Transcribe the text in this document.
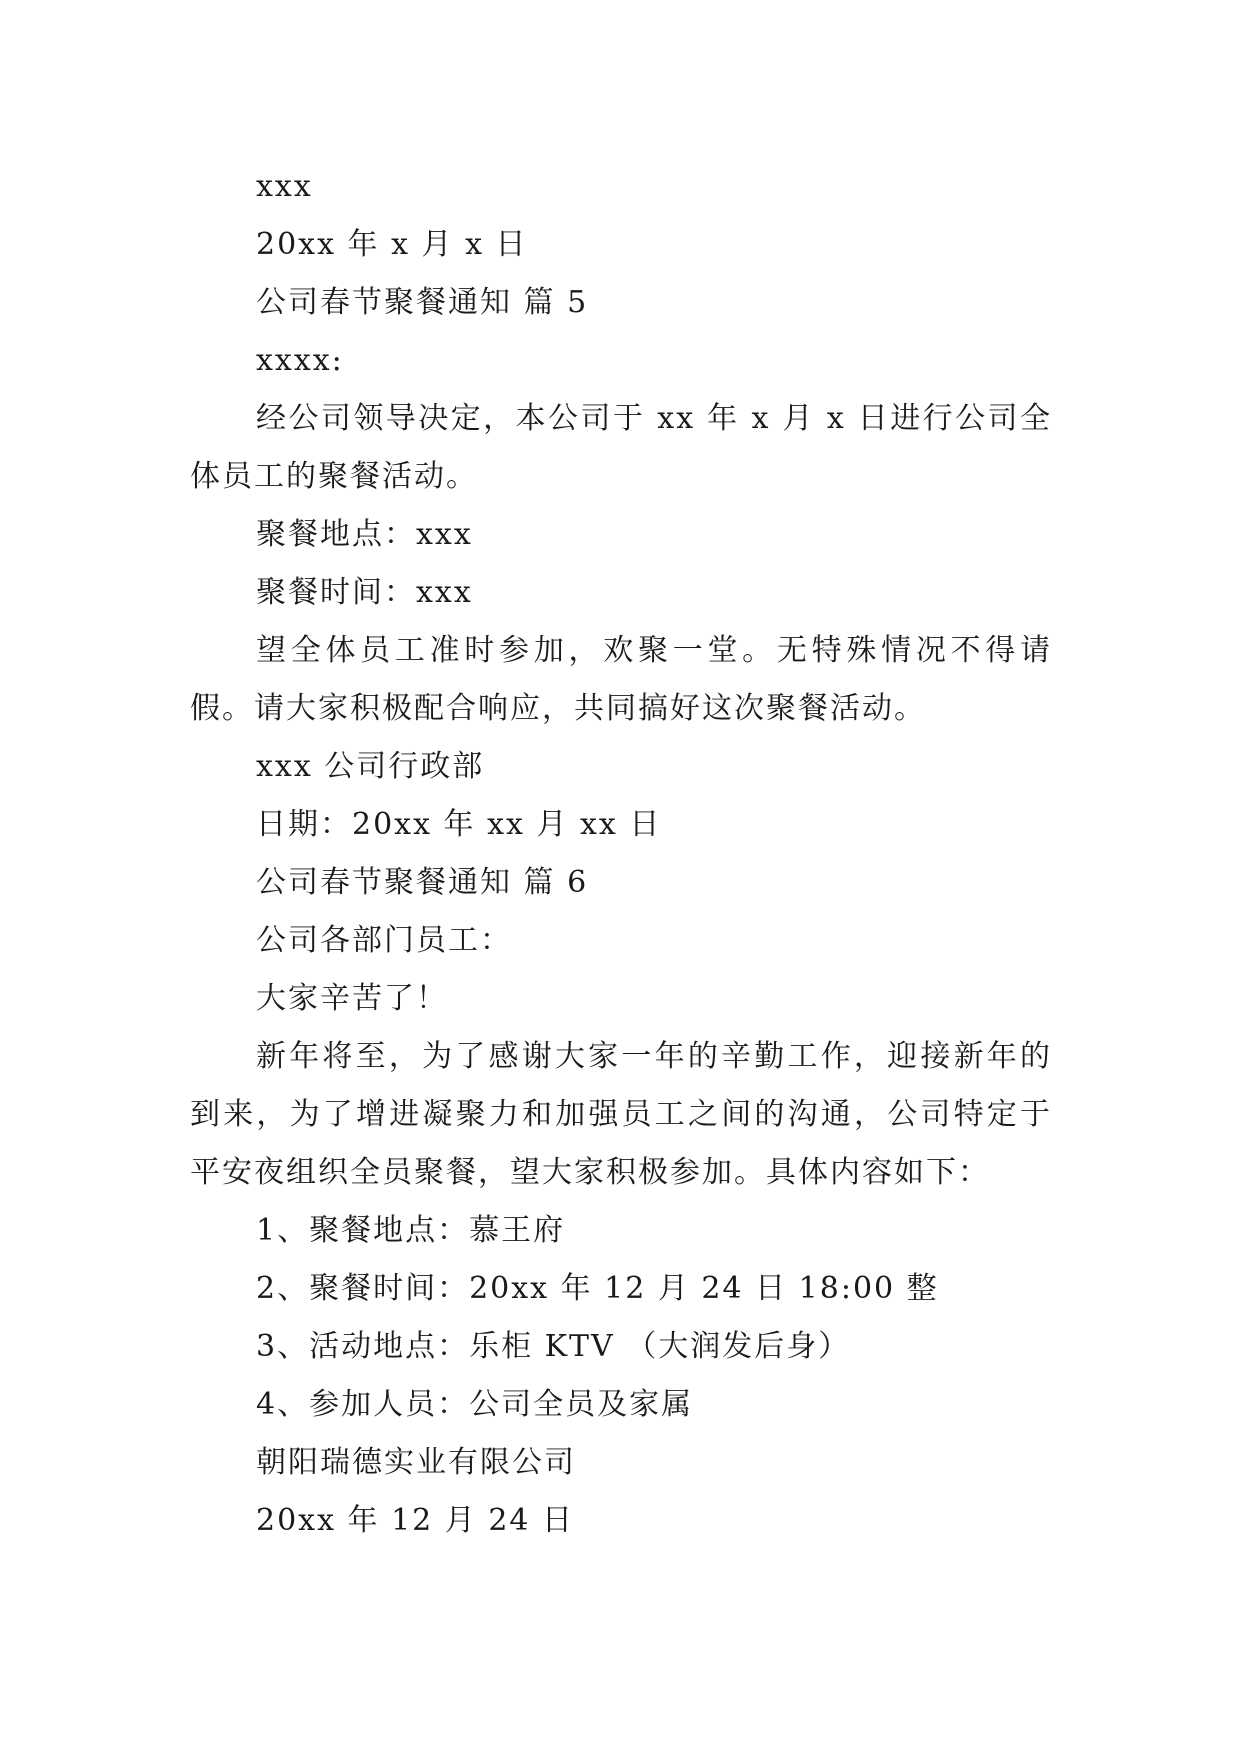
xxx

20xx 年 x 月 x 日

公司春节聚餐通知 篇 5

xxxx:

经公司领导决定，本公司于 xx 年 x 月 x 日进行公司全体员工的聚餐活动。

聚餐地点：xxx

聚餐时间：xxx

望全体员工准时参加，欢聚一堂。无特殊情况不得请假。请大家积极配合响应，共同搞好这次聚餐活动。

xxx 公司行政部

日期：20xx 年 xx 月 xx 日

公司春节聚餐通知 篇 6

公司各部门员工：

大家辛苦了！

新年将至，为了感谢大家一年的辛勤工作，迎接新年的到来，为了增进凝聚力和加强员工之间的沟通，公司特定于平安夜组织全员聚餐，望大家积极参加。具体内容如下：

1、聚餐地点：慕王府

2、聚餐时间：20xx 年 12 月 24 日 18:00 整

3、活动地点：乐柜 KTV （大润发后身）

4、参加人员：公司全员及家属

朝阳瑞德实业有限公司

20xx 年 12 月 24 日
